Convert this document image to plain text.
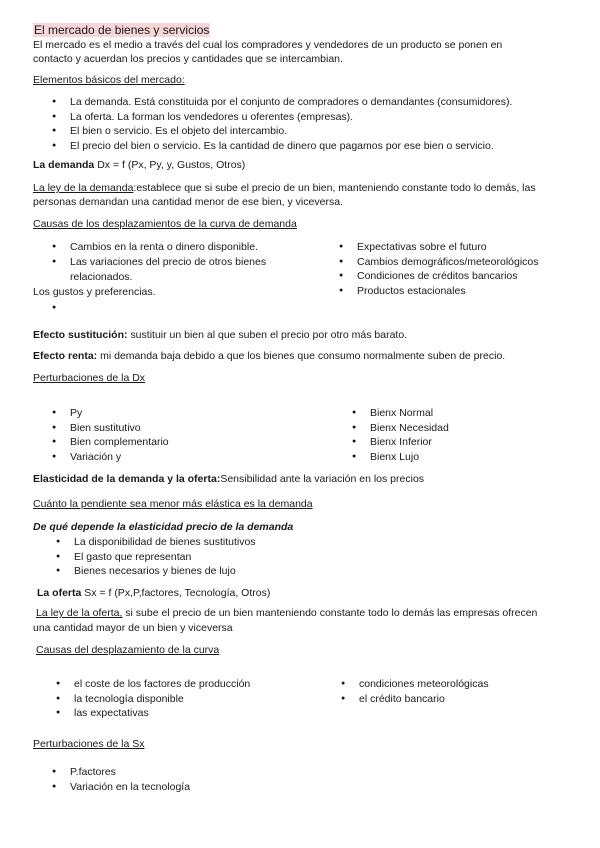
El mercado de bienes y servicios
El mercado es el medio a través del cual los compradores y vendedores de un producto se ponen en
contacto y acuerdan los precios y cantidades que se intercambian.
Elementos básicos del mercado:
● La demanda. Está constituida por el conjunto de compradores o demandantes (consumidores).
● La oferta. La forman los vendedores u oferentes (empresas).
● El bien o servicio. Es el objeto del intercambio.
● El precio del bien o servicio. Es la cantidad de dinero que pagamos por ese bien o servicio.
La demanda Dx = f (Px, Py, y, Gustos, Otros)
La ley de la demanda:establece que si sube el precio de un bien, manteniendo constante todo lo demás, las
personas demandan una cantidad menor de ese bien, y viceversa.
Causas de los desplazamientos de la curva de demanda
● Cambios en la renta o dinero disponible.
● Las variaciones del precio de otros bienes
relacionados.
Los gustos y preferencias.
●
● Expectativas sobre el futuro
● Cambios demográficos/meteorológicos
● Condiciones de créditos bancarios
● Productos estacionales
Efecto sustitución: sustituir un bien al que suben el precio por otro más barato.
Efecto renta: mi demanda baja debido a que los bienes que consumo normalmente suben de precio.
Perturbaciones de la Dx
● Py
● Bien sustitutivo
● Bien complementario
● Variación y
● Bienx Normal
● Bienx Necesidad
● Bienx Inferior
● Bienx Lujo
Elasticidad de la demanda y la oferta:Sensibilidad ante la variación en los precios
Cuánto la pendiente sea menor más elástica es la demanda
De qué depende la elasticidad precio de la demanda
● La disponibilidad de bienes sustitutivos
● El gasto que representan
● Bienes necesarios y bienes de lujo
La oferta Sx = f (Px,P,factores, Tecnología, Otros)
La ley de la oferta, si sube el precio de un bien manteniendo constante todo lo demás las empresas ofrecen
una cantidad mayor de un bien y viceversa
Causas del desplazamiento de la curva
● el coste de los factores de producción
● la tecnología disponible
● las expectativas
● condiciones meteorológicas
● el crédito bancario
Perturbaciones de la Sx
● P.factores
● Variación en la tecnología
